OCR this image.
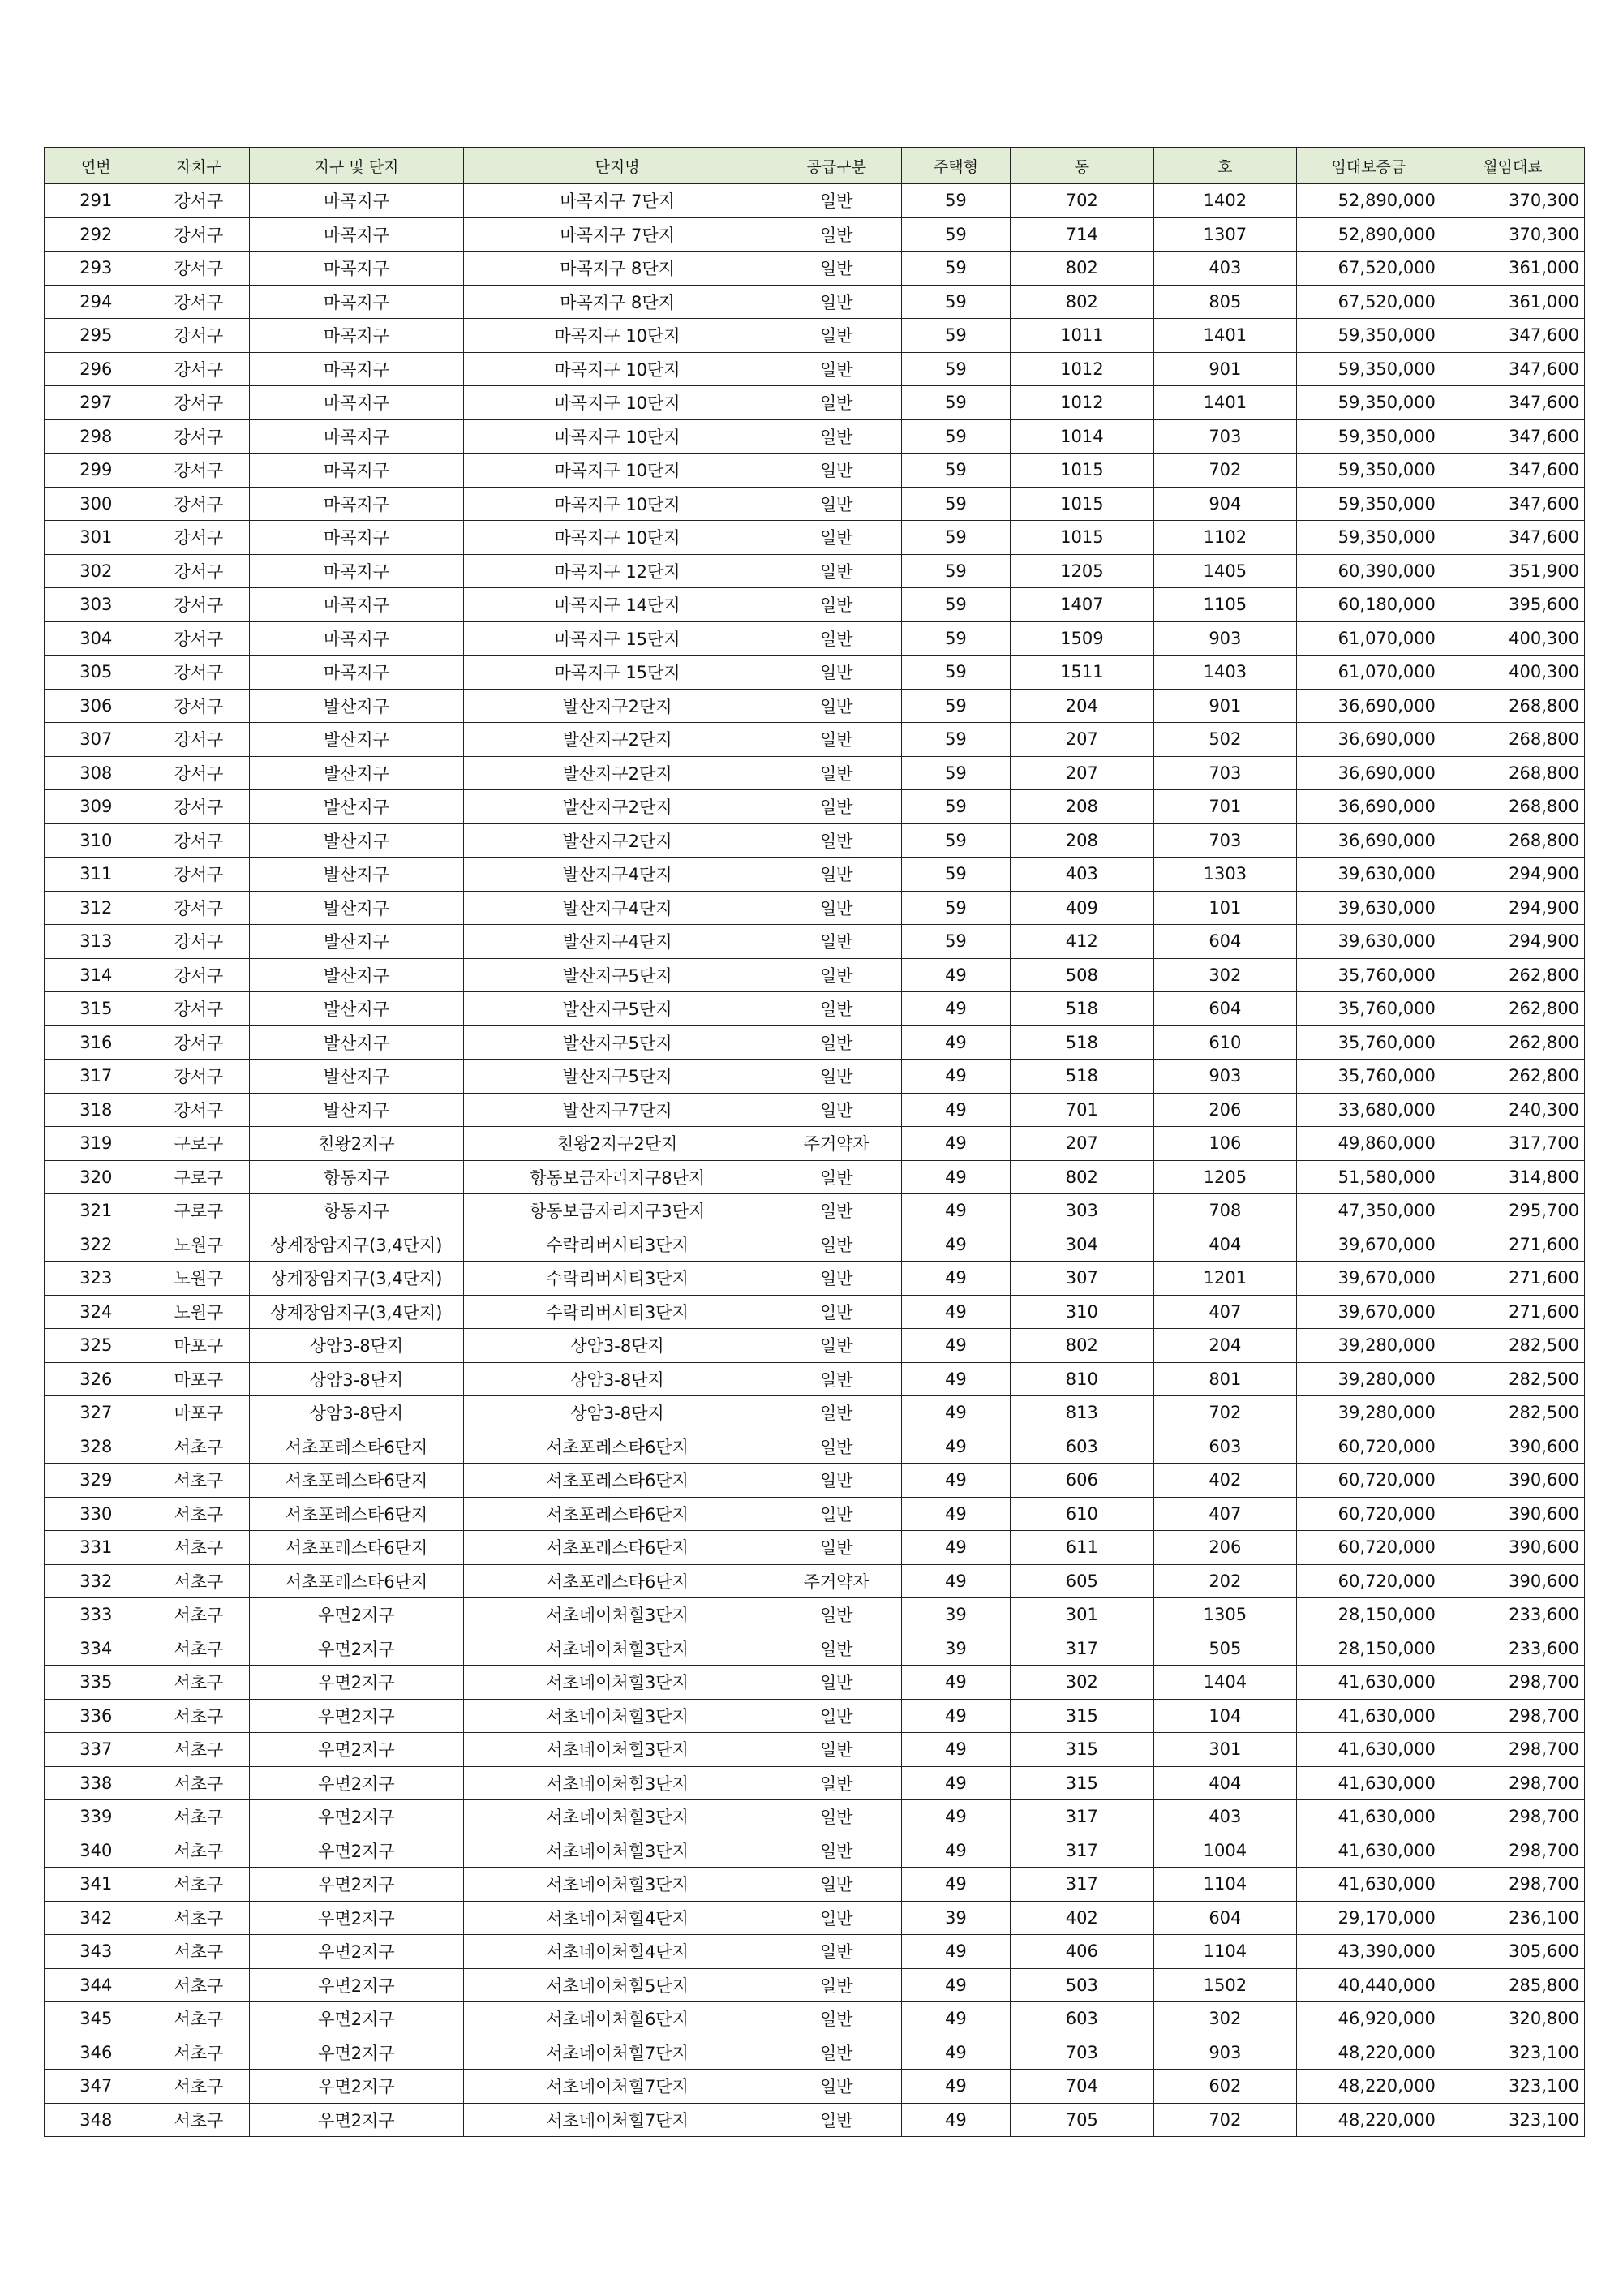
연번	자치구	지구 및 단지	단지명	공급구분	주택형	동	호	임대보증금	월임대료
291	강서구	마곡지구	마곡지구 7단지	일반	59	702	1402	52,890,000	370,300
292	강서구	마곡지구	마곡지구 7단지	일반	59	714	1307	52,890,000	370,300
293	강서구	마곡지구	마곡지구 8단지	일반	59	802	403	67,520,000	361,000
294	강서구	마곡지구	마곡지구 8단지	일반	59	802	805	67,520,000	361,000
295	강서구	마곡지구	마곡지구 10단지	일반	59	1011	1401	59,350,000	347,600
296	강서구	마곡지구	마곡지구 10단지	일반	59	1012	901	59,350,000	347,600
297	강서구	마곡지구	마곡지구 10단지	일반	59	1012	1401	59,350,000	347,600
298	강서구	마곡지구	마곡지구 10단지	일반	59	1014	703	59,350,000	347,600
299	강서구	마곡지구	마곡지구 10단지	일반	59	1015	702	59,350,000	347,600
300	강서구	마곡지구	마곡지구 10단지	일반	59	1015	904	59,350,000	347,600
301	강서구	마곡지구	마곡지구 10단지	일반	59	1015	1102	59,350,000	347,600
302	강서구	마곡지구	마곡지구 12단지	일반	59	1205	1405	60,390,000	351,900
303	강서구	마곡지구	마곡지구 14단지	일반	59	1407	1105	60,180,000	395,600
304	강서구	마곡지구	마곡지구 15단지	일반	59	1509	903	61,070,000	400,300
305	강서구	마곡지구	마곡지구 15단지	일반	59	1511	1403	61,070,000	400,300
306	강서구	발산지구	발산지구2단지	일반	59	204	901	36,690,000	268,800
307	강서구	발산지구	발산지구2단지	일반	59	207	502	36,690,000	268,800
308	강서구	발산지구	발산지구2단지	일반	59	207	703	36,690,000	268,800
309	강서구	발산지구	발산지구2단지	일반	59	208	701	36,690,000	268,800
310	강서구	발산지구	발산지구2단지	일반	59	208	703	36,690,000	268,800
311	강서구	발산지구	발산지구4단지	일반	59	403	1303	39,630,000	294,900
312	강서구	발산지구	발산지구4단지	일반	59	409	101	39,630,000	294,900
313	강서구	발산지구	발산지구4단지	일반	59	412	604	39,630,000	294,900
314	강서구	발산지구	발산지구5단지	일반	49	508	302	35,760,000	262,800
315	강서구	발산지구	발산지구5단지	일반	49	518	604	35,760,000	262,800
316	강서구	발산지구	발산지구5단지	일반	49	518	610	35,760,000	262,800
317	강서구	발산지구	발산지구5단지	일반	49	518	903	35,760,000	262,800
318	강서구	발산지구	발산지구7단지	일반	49	701	206	33,680,000	240,300
319	구로구	천왕2지구	천왕2지구2단지	주거약자	49	207	106	49,860,000	317,700
320	구로구	항동지구	항동보금자리지구8단지	일반	49	802	1205	51,580,000	314,800
321	구로구	항동지구	항동보금자리지구3단지	일반	49	303	708	47,350,000	295,700
322	노원구	상계장암지구(3,4단지)	수락리버시티3단지	일반	49	304	404	39,670,000	271,600
323	노원구	상계장암지구(3,4단지)	수락리버시티3단지	일반	49	307	1201	39,670,000	271,600
324	노원구	상계장암지구(3,4단지)	수락리버시티3단지	일반	49	310	407	39,670,000	271,600
325	마포구	상암3-8단지	상암3-8단지	일반	49	802	204	39,280,000	282,500
326	마포구	상암3-8단지	상암3-8단지	일반	49	810	801	39,280,000	282,500
327	마포구	상암3-8단지	상암3-8단지	일반	49	813	702	39,280,000	282,500
328	서초구	서초포레스타6단지	서초포레스타6단지	일반	49	603	603	60,720,000	390,600
329	서초구	서초포레스타6단지	서초포레스타6단지	일반	49	606	402	60,720,000	390,600
330	서초구	서초포레스타6단지	서초포레스타6단지	일반	49	610	407	60,720,000	390,600
331	서초구	서초포레스타6단지	서초포레스타6단지	일반	49	611	206	60,720,000	390,600
332	서초구	서초포레스타6단지	서초포레스타6단지	주거약자	49	605	202	60,720,000	390,600
333	서초구	우면2지구	서초네이처힐3단지	일반	39	301	1305	28,150,000	233,600
334	서초구	우면2지구	서초네이처힐3단지	일반	39	317	505	28,150,000	233,600
335	서초구	우면2지구	서초네이처힐3단지	일반	49	302	1404	41,630,000	298,700
336	서초구	우면2지구	서초네이처힐3단지	일반	49	315	104	41,630,000	298,700
337	서초구	우면2지구	서초네이처힐3단지	일반	49	315	301	41,630,000	298,700
338	서초구	우면2지구	서초네이처힐3단지	일반	49	315	404	41,630,000	298,700
339	서초구	우면2지구	서초네이처힐3단지	일반	49	317	403	41,630,000	298,700
340	서초구	우면2지구	서초네이처힐3단지	일반	49	317	1004	41,630,000	298,700
341	서초구	우면2지구	서초네이처힐3단지	일반	49	317	1104	41,630,000	298,700
342	서초구	우면2지구	서초네이처힐4단지	일반	39	402	604	29,170,000	236,100
343	서초구	우면2지구	서초네이처힐4단지	일반	49	406	1104	43,390,000	305,600
344	서초구	우면2지구	서초네이처힐5단지	일반	49	503	1502	40,440,000	285,800
345	서초구	우면2지구	서초네이처힐6단지	일반	49	603	302	46,920,000	320,800
346	서초구	우면2지구	서초네이처힐7단지	일반	49	703	903	48,220,000	323,100
347	서초구	우면2지구	서초네이처힐7단지	일반	49	704	602	48,220,000	323,100
348	서초구	우면2지구	서초네이처힐7단지	일반	49	705	702	48,220,000	323,100
